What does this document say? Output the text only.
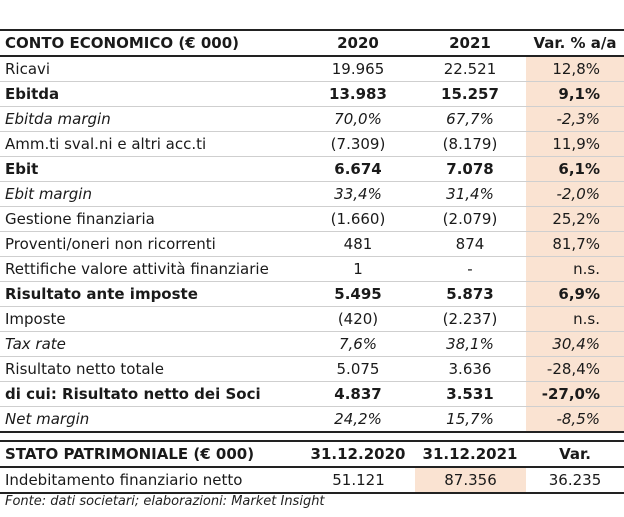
CONTO ECONOMICO (€ 000)	2020	2021	Var. % a/a
Ricavi	19.965	22.521	12,8%
Ebitda	13.983	15.257	9,1%
Ebitda margin	70,0%	67,7%	-2,3%
Amm.ti sval.ni e altri acc.ti	(7.309)	(8.179)	11,9%
Ebit	6.674	7.078	6,1%
Ebit margin	33,4%	31,4%	-2,0%
Gestione finanziaria	(1.660)	(2.079)	25,2%
Proventi/oneri non ricorrenti	481	874	81,7%
Rettifiche valore attività finanziarie	1	-	n.s.
Risultato ante imposte	5.495	5.873	6,9%
Imposte	(420)	(2.237)	n.s.
Tax rate	7,6%	38,1%	30,4%
Risultato netto totale	5.075	3.636	-28,4%
di cui: Risultato netto dei Soci	4.837	3.531	-27,0%
Net margin	24,2%	15,7%	-8,5%
STATO PATRIMONIALE (€ 000)	31.12.2020	31.12.2021	Var.
Indebitamento finanziario netto	51.121	87.356	36.235
Fonte: dati societari; elaborazioni: Market Insight
